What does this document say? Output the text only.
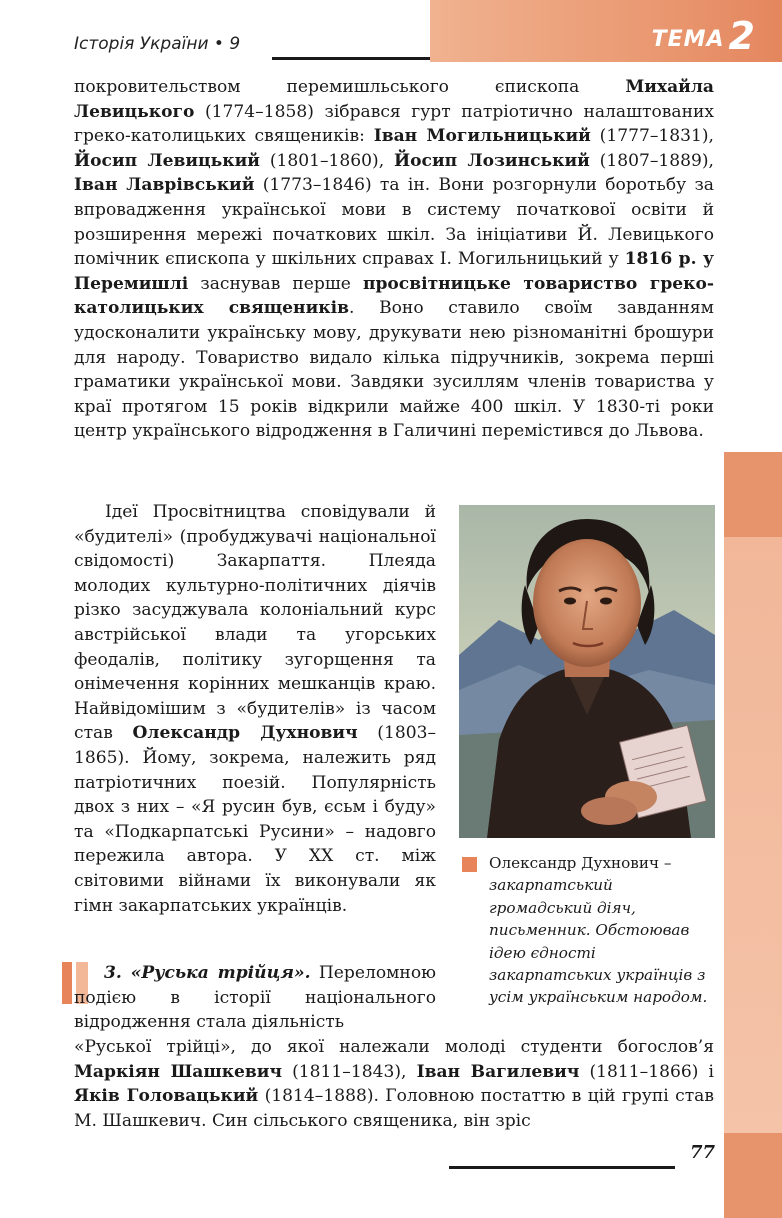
Історія України • 9	ТЕМА 2

покровительством перемишльського єпископа Михайла Левицького (1774–1858) зібрався гурт патріотично налаштованих греко-католицьких священиків: Іван Могильницький (1777–1831), Йосип Левицький (1801–1860), Йосип Лозинський (1807–1889), Іван Лаврівський (1773–1846) та ін. Вони розгорнули боротьбу за впровадження української мови в систему початкової освіти й розширення мережі початкових шкіл. За ініціативи Й. Левицького помічник єпископа у шкільних справах І. Могильницький у 1816 р. у Перемишлі заснував перше просвітницьке товариство греко-католицьких священиків. Воно ставило своїм завданням удосконалити українську мову, друкувати нею різноманітні брошури для народу. Товариство видало кілька підручників, зокрема перші граматики української мови. Завдяки зусиллям членів товариства у краї протягом 15 років відкрили майже 400 шкіл. У 1830-ті роки центр українського відродження в Галичині перемістився до Львова.

Ідеї Просвітництва сповідували й «будителі» (пробуджувачі національної свідомості) Закарпаття. Плеяда молодих культурно-політичних діячів різко засуджувала колоніальний курс австрійської влади та угорських феодалів, політику зугорщення та онімечення корінних мешканців краю. Найвідомішим з «будителів» із часом став Олександр Духнович (1803–1865). Йому, зокрема, належить ряд патріотичних поезій. Популярність двох з них – «Я русин був, єсьм і буду» та «Подкарпатські Русини» – надовго пережила автора. У XX ст. між світовими війнами їх виконували як гімн закарпатських українців.

Олександр Духнович – закарпатський громадський діяч, письменник. Обстоював ідею єдності закарпатських українців з усім українським народом.

3. «Руська трійця». Переломною подією в історії національного відродження стала діяльність

«Руської трійці», до якої належали молоді студенти богослов’я Маркіян Шашкевич (1811–1843), Іван Вагилевич (1811–1866) і Яків Головацький (1814–1888). Головною постаттю в цій групі став М. Шашкевич. Син сільського священика, він зріс

77
